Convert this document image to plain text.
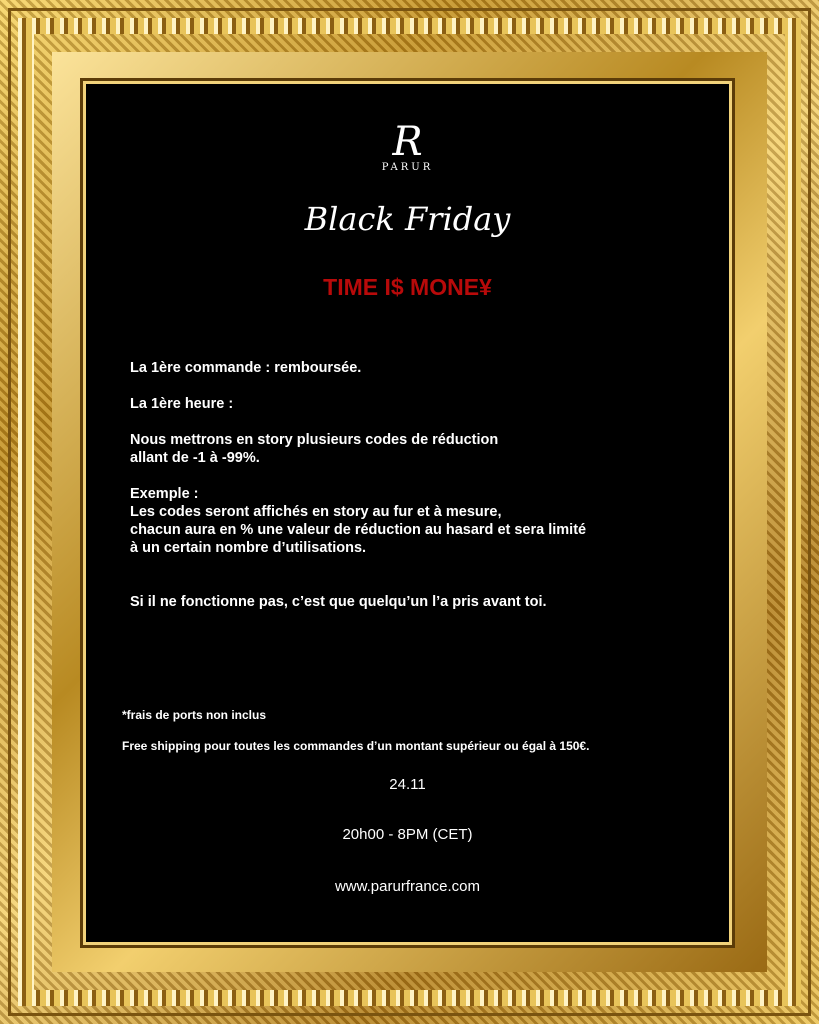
R
PARUR
Black Friday
TIME I$ MONE¥

La 1ère commande : remboursée.

La 1ère heure :

Nous mettrons en story plusieurs codes de réduction

allant de -1 à -99%.

Exemple :

Les codes seront affichés en story au fur et à mesure,

chacun aura en % une valeur de réduction au hasard et sera limité

à un certain nombre d’utilisations.

Si il ne fonctionne pas, c’est que quelqu’un l’a pris avant toi.

*frais de ports non inclus
Free shipping pour toutes les commandes d’un montant supérieur ou égal à 150€.
24.11
20h00 - 8PM (CET)
www.parurfrance.com
